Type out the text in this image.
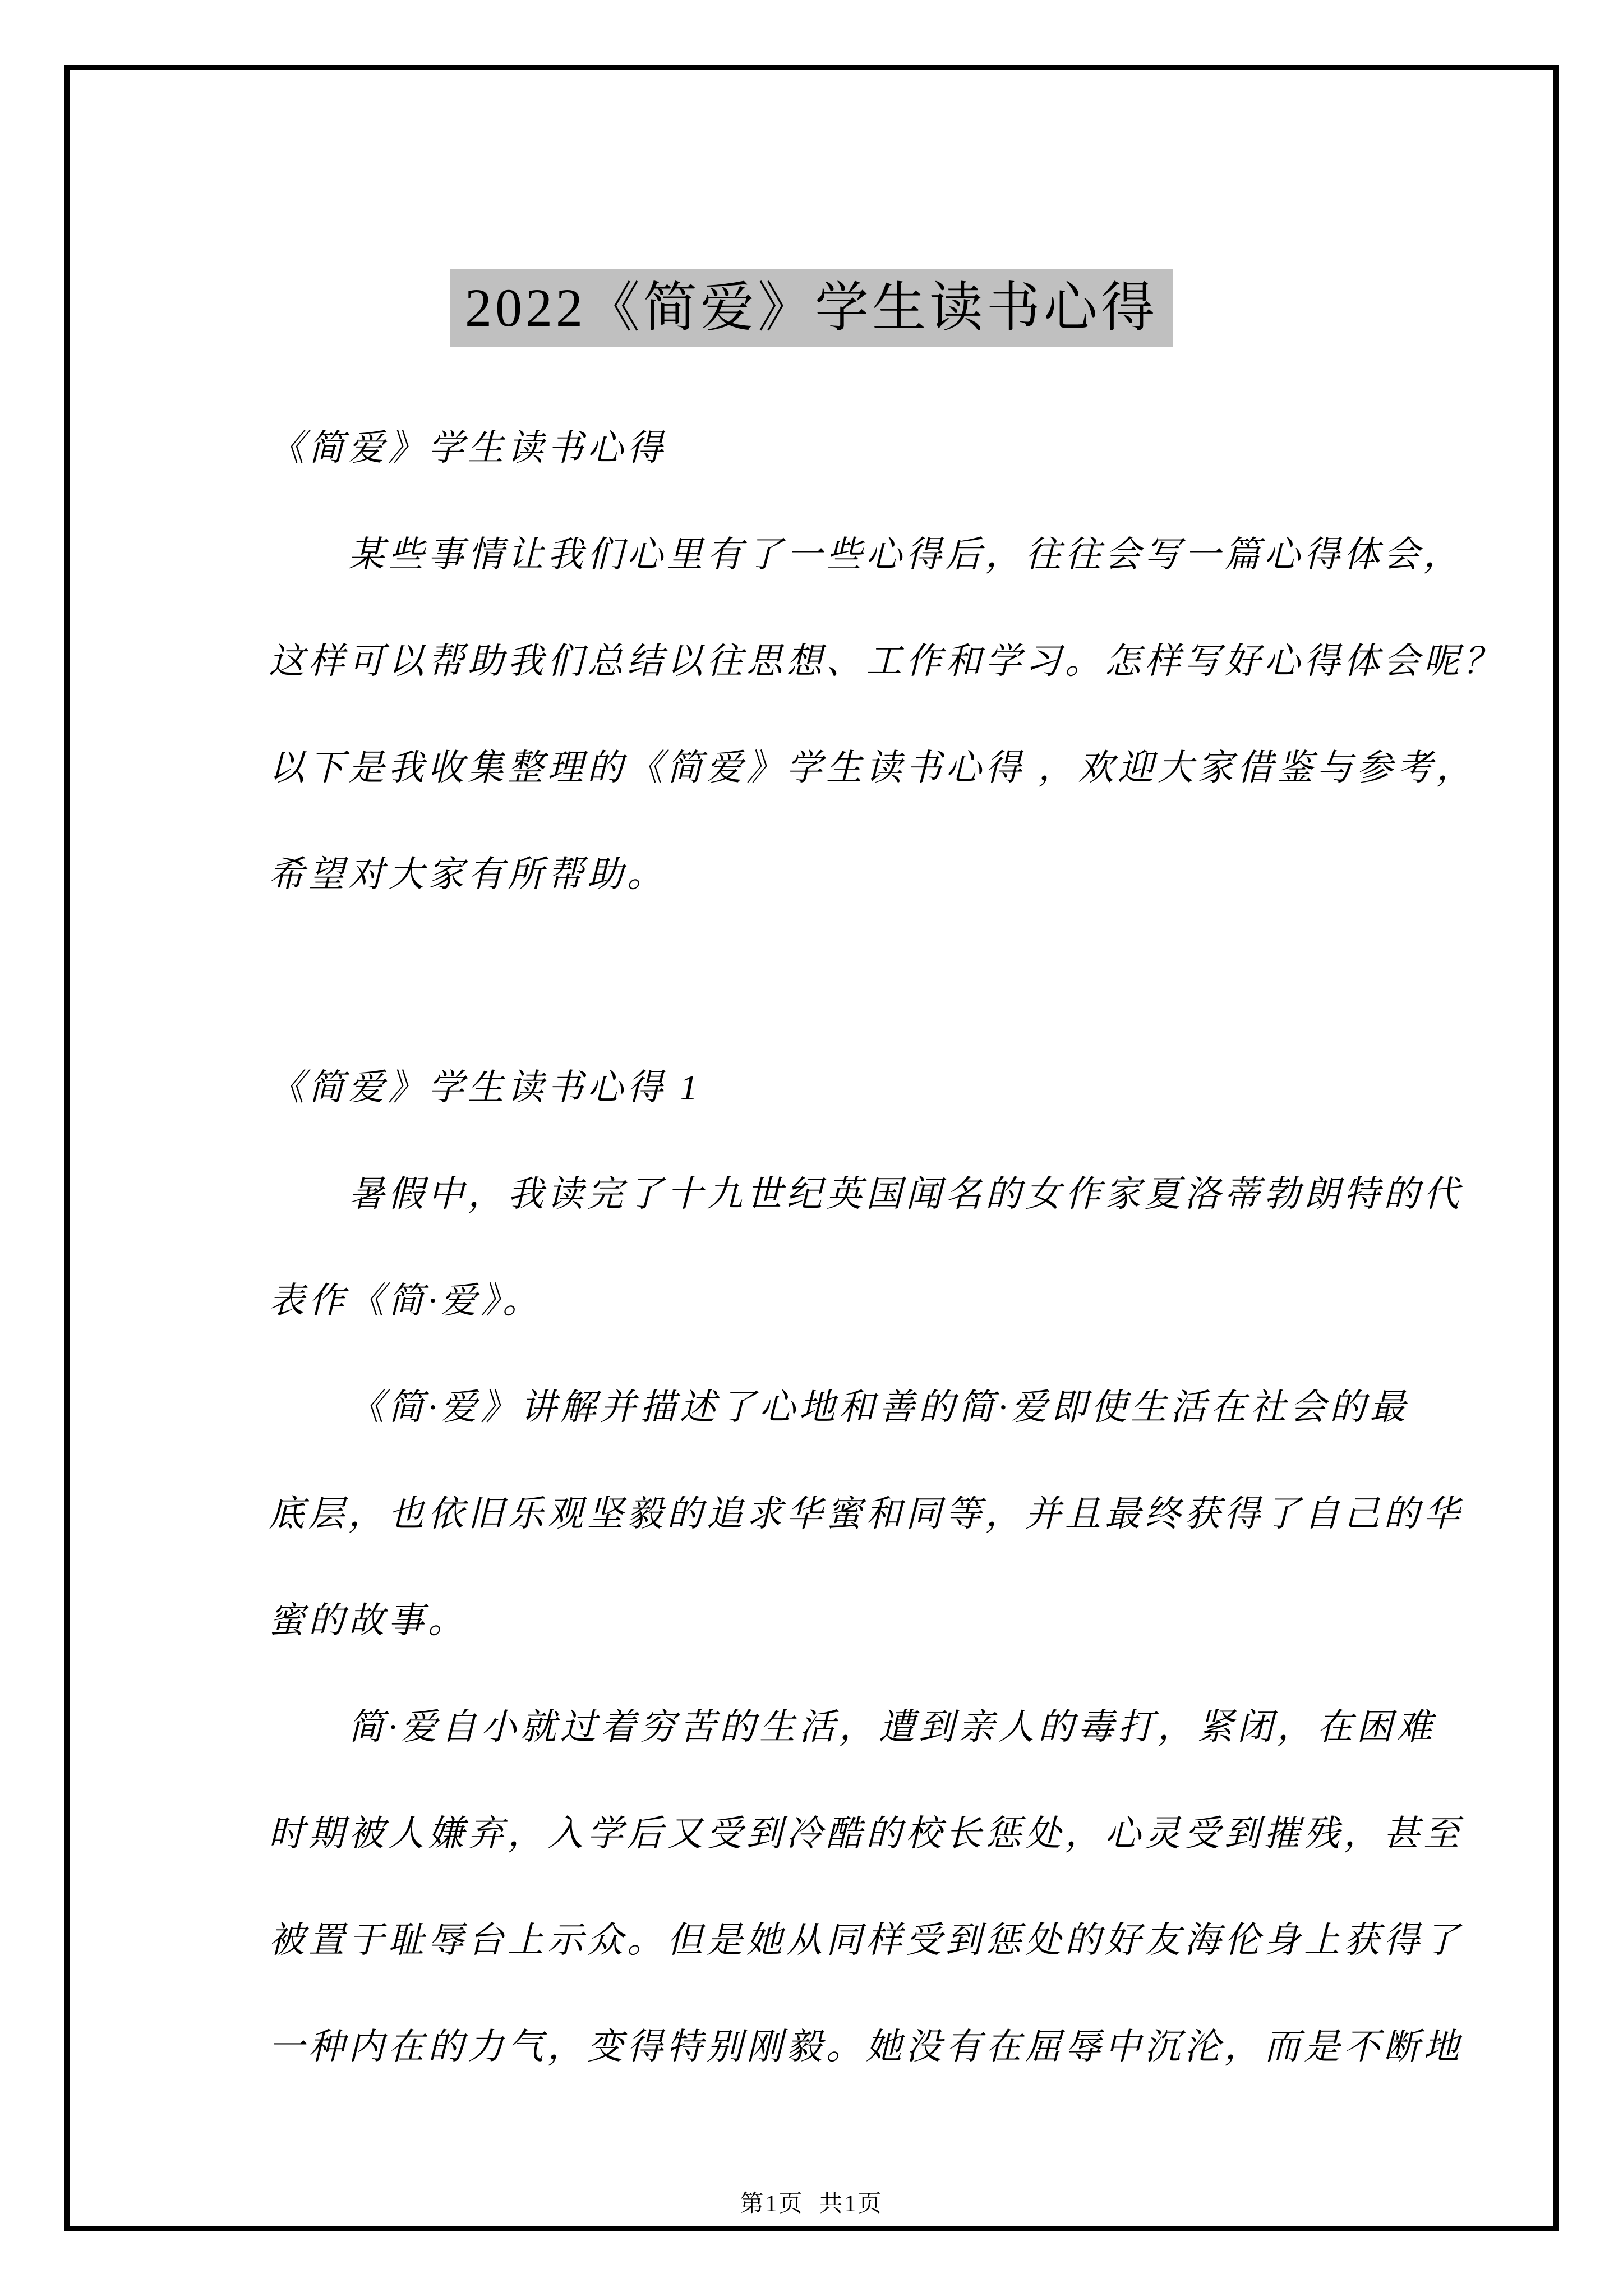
2022《简爱》学生读书心得
《简爱》学生读书心得
某些事情让我们心里有了一些心得后，往往会写一篇心得体会，
这样可以帮助我们总结以往思想、工作和学习。怎样写好心得体会呢？
以下是我收集整理的《简爱》学生读书心得 ，欢迎大家借鉴与参考，
希望对大家有所帮助。
《简爱》学生读书心得 1
暑假中，我读完了十九世纪英国闻名的女作家夏洛蒂勃朗特的代
表作《简·爱》。
《简·爱》讲解并描述了心地和善的简·爱即使生活在社会的最
底层，也依旧乐观坚毅的追求华蜜和同等，并且最终获得了自己的华
蜜的故事。
简·爱自小就过着穷苦的生活，遭到亲人的毒打，紧闭，在困难
时期被人嫌弃，入学后又受到冷酷的校长惩处，心灵受到摧残，甚至
被置于耻辱台上示众。但是她从同样受到惩处的好友海伦身上获得了
一种内在的力气，变得特别刚毅。她没有在屈辱中沉沦，而是不断地
第1页  共1页
